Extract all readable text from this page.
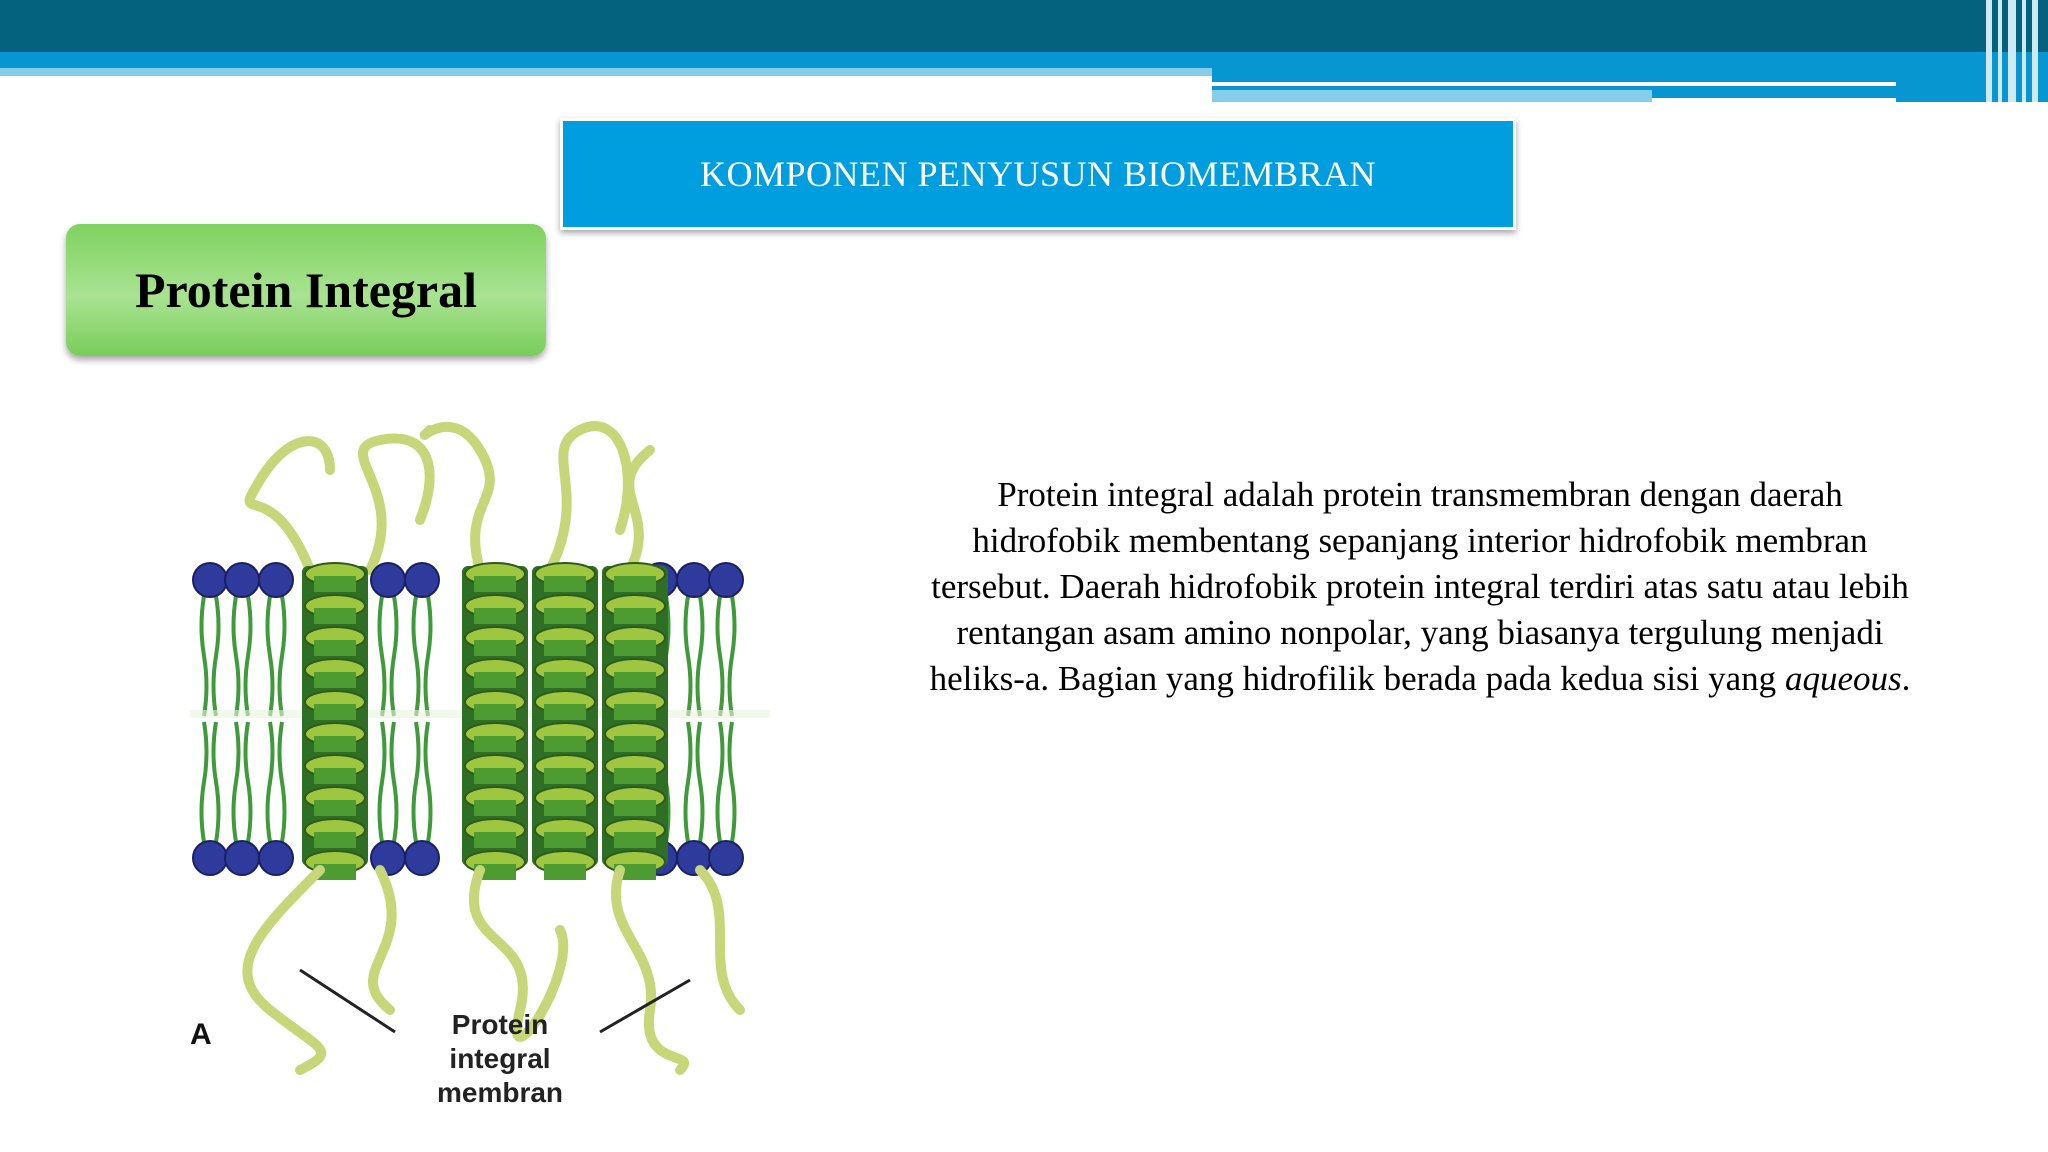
KOMPONEN PENYUSUN BIOMEMBRAN
Protein Integral
A	Protein integral
membran
Protein integral adalah protein transmembran dengan daerah hidrofobik membentang sepanjang interior hidrofobik membran tersebut. Daerah hidrofobik protein integral terdiri atas satu atau lebih rentangan asam amino nonpolar, yang biasanya tergulung menjadi heliks-a. Bagian yang hidrofilik berada pada kedua sisi yang aqueous.
